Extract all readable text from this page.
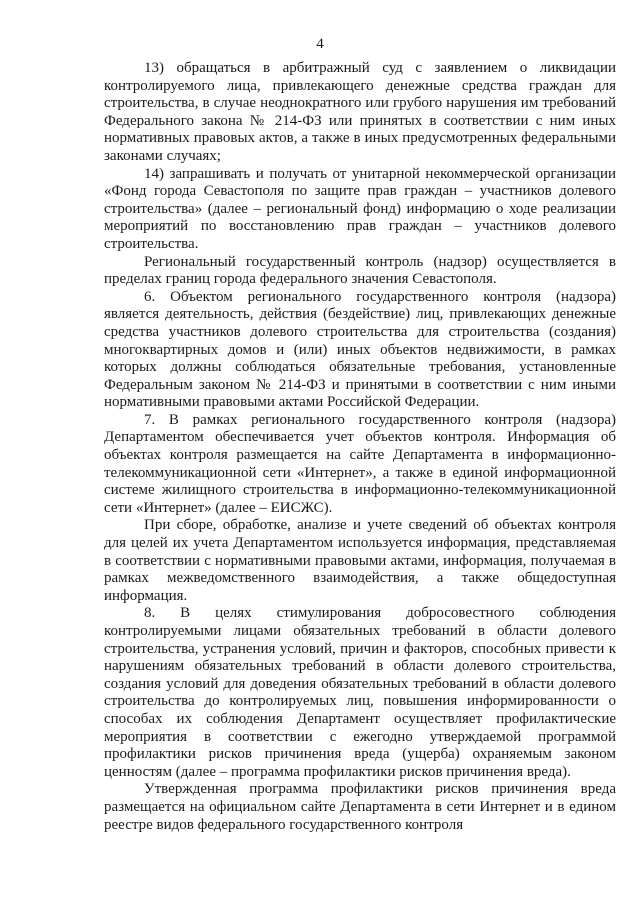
4

13) обращаться в арбитражный суд с заявлением о ликвидации контролируемого лица, привлекающего денежные средства граждан для строительства, в случае неоднократного или грубого нарушения им требований Федерального закона № 214-ФЗ или принятых в соответствии с ним иных нормативных правовых актов, а также в иных предусмотренных федеральными законами случаях;

14) запрашивать и получать от унитарной некоммерческой организации «Фонд города Севастополя по защите прав граждан – участников долевого строительства» (далее – региональный фонд) информацию о ходе реализации мероприятий по восстановлению прав граждан – участников долевого строительства.

Региональный государственный контроль (надзор) осуществляется в пределах границ города федерального значения Севастополя.

6. Объектом регионального государственного контроля (надзора) является деятельность, действия (бездействие) лиц, привлекающих денежные средства участников долевого строительства для строительства (создания) многоквартирных домов и (или) иных объектов недвижимости, в рамках которых должны соблюдаться обязательные требования, установленные Федеральным законом № 214-ФЗ и принятыми в соответствии с ним иными нормативными правовыми актами Российской Федерации.

7. В рамках регионального государственного контроля (надзора) Департаментом обеспечивается учет объектов контроля. Информация об объектах контроля размещается на сайте Департамента в информационно-телекоммуникационной сети «Интернет», а также в единой информационной системе жилищного строительства в информационно-телекоммуникационной сети «Интернет» (далее – ЕИСЖС).

При сборе, обработке, анализе и учете сведений об объектах контроля для целей их учета Департаментом используется информация, представляемая в соответствии с нормативными правовыми актами, информация, получаемая в рамках межведомственного взаимодействия, а также общедоступная информация.

8. В целях стимулирования добросовестного соблюдения контролируемыми лицами обязательных требований в области долевого строительства, устранения условий, причин и факторов, способных привести к нарушениям обязательных требований в области долевого строительства, создания условий для доведения обязательных требований в области долевого строительства до контролируемых лиц, повышения информированности о способах их соблюдения Департамент осуществляет профилактические мероприятия в соответствии с ежегодно утверждаемой программой профилактики рисков причинения вреда (ущерба) охраняемым законом ценностям (далее – программа профилактики рисков причинения вреда).

Утвержденная программа профилактики рисков причинения вреда размещается на официальном сайте Департамента в сети Интернет и в едином реестре видов федерального государственного контроля
